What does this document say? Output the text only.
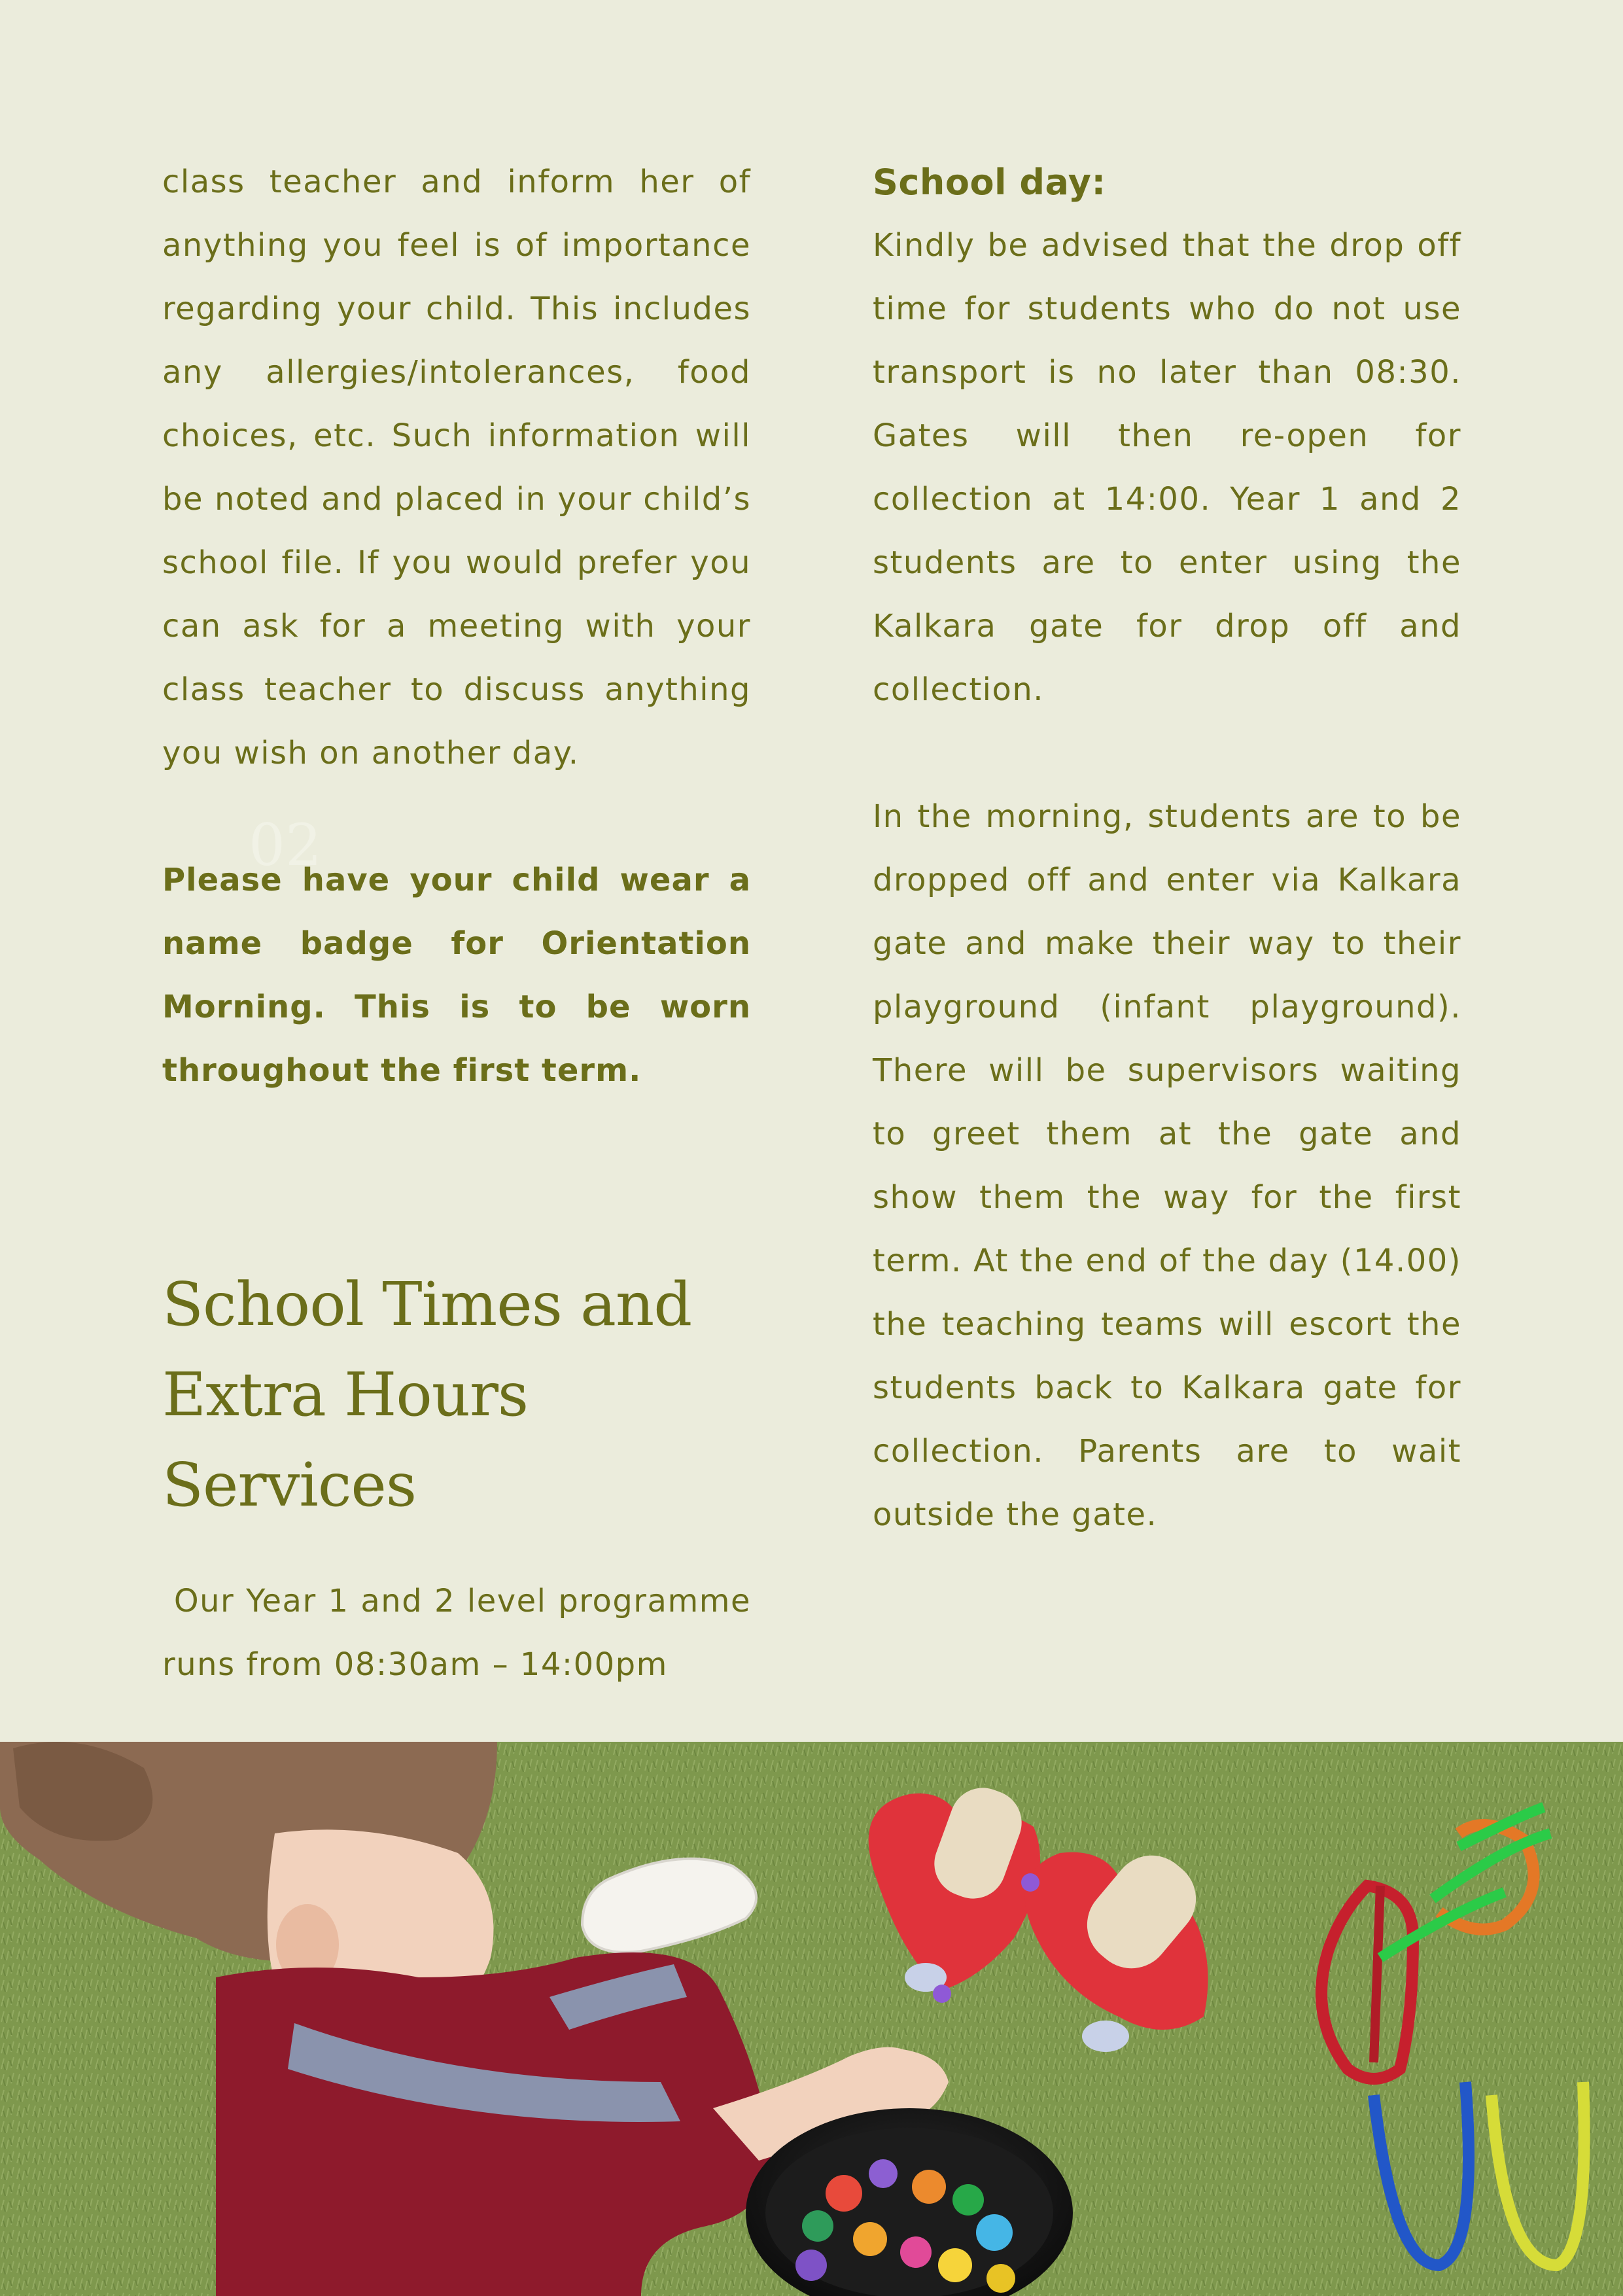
class teacher and inform her of anything you feel is of importance regarding your child. This includes any allergies/intolerances, food choices, etc. Such information will be noted and placed in your child’s school file. If you would prefer you can ask for a meeting with your class teacher to discuss anything you wish on another day.

Please have your child wear a name badge for Orientation Morning. This is to be worn throughout the first term.

School Times and
Extra Hours Services

Our Year 1 and 2 level programme runs from 08:30am – 14:00pm

02
School day:

Kindly be advised that the drop off time for students who do not use transport is no later than 08:30. Gates will then re-open for collection at 14:00. Year 1 and 2 students are to enter using the Kalkara gate for drop off and collection.

In the morning, students are to be dropped off and enter via Kalkara gate and make their way to their playground (infant playground). There will be supervisors waiting to greet them at the gate and show them the way for the first term. At the end of the day (14.00) the teaching teams will escort the students back to Kalkara gate for collection. Parents are to wait outside the gate.
